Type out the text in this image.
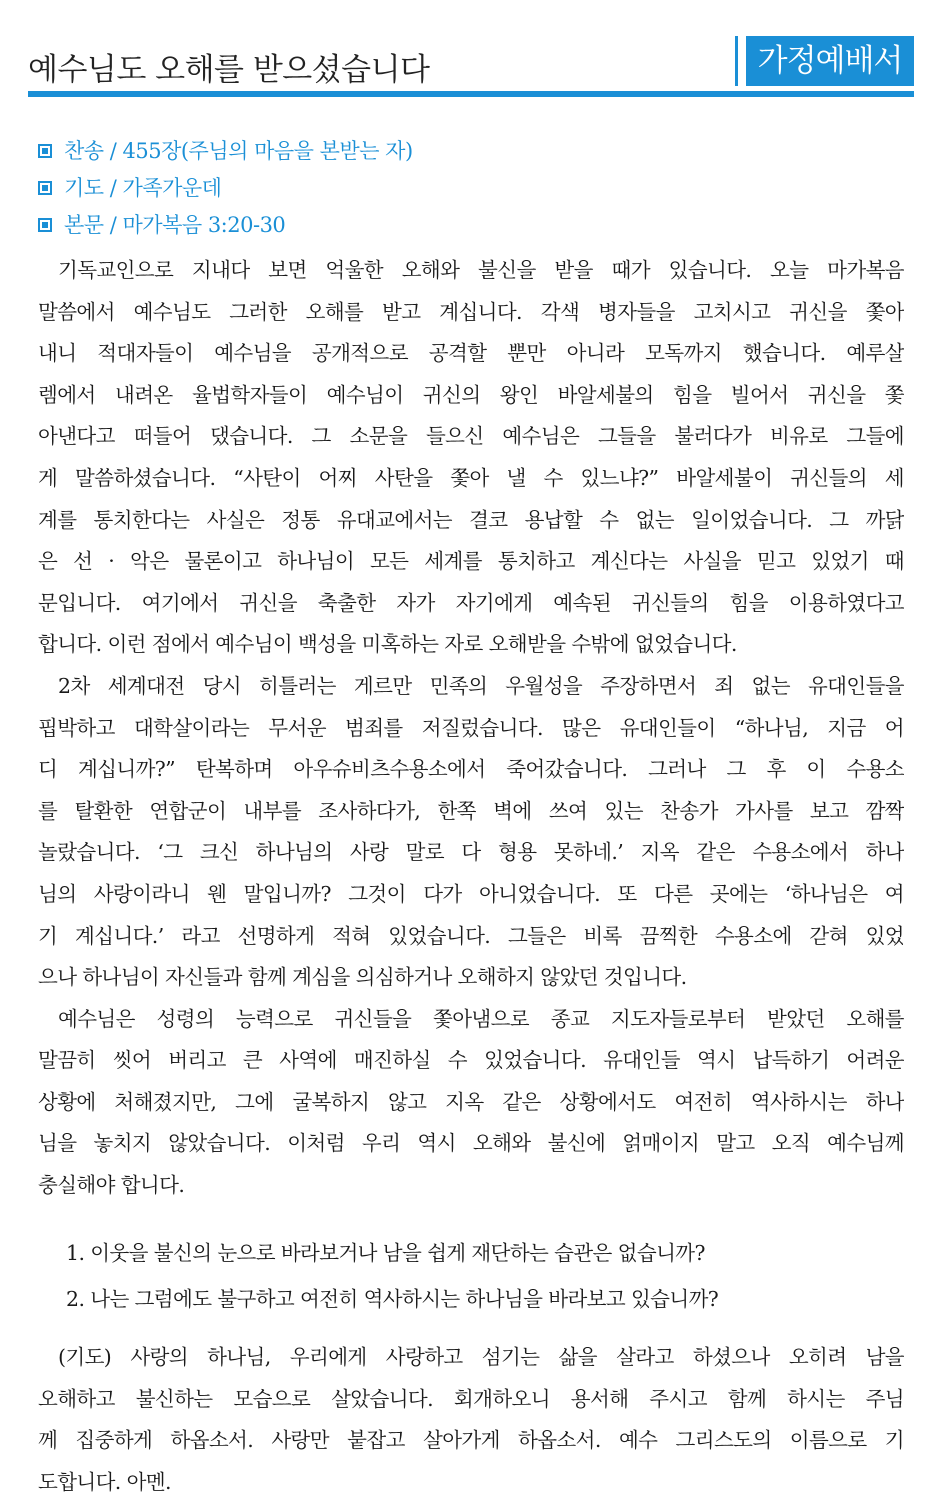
예수님도 오해를 받으셨습니다	가정예배서
찬송 / 455장(주님의 마음을 본받는 자)
기도 / 가족가운데
본문 / 마가복음 3:20-30
기독교인으로 지내다 보면 억울한 오해와 불신을 받을 때가 있습니다. 오늘 마가복음
말씀에서 예수님도 그러한 오해를 받고 계십니다. 각색 병자들을 고치시고 귀신을 쫓아
내니 적대자들이 예수님을 공개적으로 공격할 뿐만 아니라 모독까지 했습니다. 예루살
렘에서 내려온 율법학자들이 예수님이 귀신의 왕인 바알세불의 힘을 빌어서 귀신을 쫓
아낸다고 떠들어 댔습니다. 그 소문을 들으신 예수님은 그들을 불러다가 비유로 그들에
게 말씀하셨습니다. “사탄이 어찌 사탄을 쫓아 낼 수 있느냐?” 바알세불이 귀신들의 세
계를 통치한다는 사실은 정통 유대교에서는 결코 용납할 수 없는 일이었습니다. 그 까닭
은 선 · 악은 물론이고 하나님이 모든 세계를 통치하고 계신다는 사실을 믿고 있었기 때
문입니다. 여기에서 귀신을 축출한 자가 자기에게 예속된 귀신들의 힘을 이용하였다고
합니다. 이런 점에서 예수님이 백성을 미혹하는 자로 오해받을 수밖에 없었습니다.
2차 세계대전 당시 히틀러는 게르만 민족의 우월성을 주장하면서 죄 없는 유대인들을
핍박하고 대학살이라는 무서운 범죄를 저질렀습니다. 많은 유대인들이 “하나님, 지금 어
디 계십니까?” 탄복하며 아우슈비츠수용소에서 죽어갔습니다. 그러나 그 후 이 수용소
를 탈환한 연합군이 내부를 조사하다가, 한쪽 벽에 쓰여 있는 찬송가 가사를 보고 깜짝
놀랐습니다. ‘그 크신 하나님의 사랑 말로 다 형용 못하네.’ 지옥 같은 수용소에서 하나
님의 사랑이라니 웬 말입니까? 그것이 다가 아니었습니다. 또 다른 곳에는 ‘하나님은 여
기 계십니다.’ 라고 선명하게 적혀 있었습니다. 그들은 비록 끔찍한 수용소에 갇혀 있었
으나 하나님이 자신들과 함께 계심을 의심하거나 오해하지 않았던 것입니다.
예수님은 성령의 능력으로 귀신들을 쫓아냄으로 종교 지도자들로부터 받았던 오해를
말끔히 씻어 버리고 큰 사역에 매진하실 수 있었습니다. 유대인들 역시 납득하기 어려운
상황에 처해졌지만, 그에 굴복하지 않고 지옥 같은 상황에서도 여전히 역사하시는 하나
님을 놓치지 않았습니다. 이처럼 우리 역시 오해와 불신에 얽매이지 말고 오직 예수님께
충실해야 합니다.
1. 이웃을 불신의 눈으로 바라보거나 남을 쉽게 재단하는 습관은 없습니까?
2. 나는 그럼에도 불구하고 여전히 역사하시는 하나님을 바라보고 있습니까?
(기도) 사랑의 하나님, 우리에게 사랑하고 섬기는 삶을 살라고 하셨으나 오히려 남을
오해하고 불신하는 모습으로 살았습니다. 회개하오니 용서해 주시고 함께 하시는 주님
께 집중하게 하옵소서. 사랑만 붙잡고 살아가게 하옵소서. 예수 그리스도의 이름으로 기
도합니다. 아멘.
